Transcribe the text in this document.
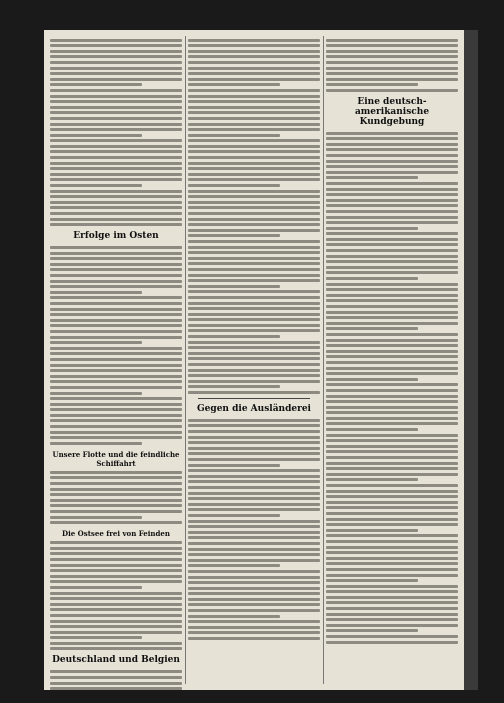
Erfolge im Osten
Unsere Flotte und die feindliche Schiffahrt
Die Ostsee frei von Feinden
Deutschland und Belgien
Gegen die Ausländerei
Eine deutsch-amerikanische Kundgebung
